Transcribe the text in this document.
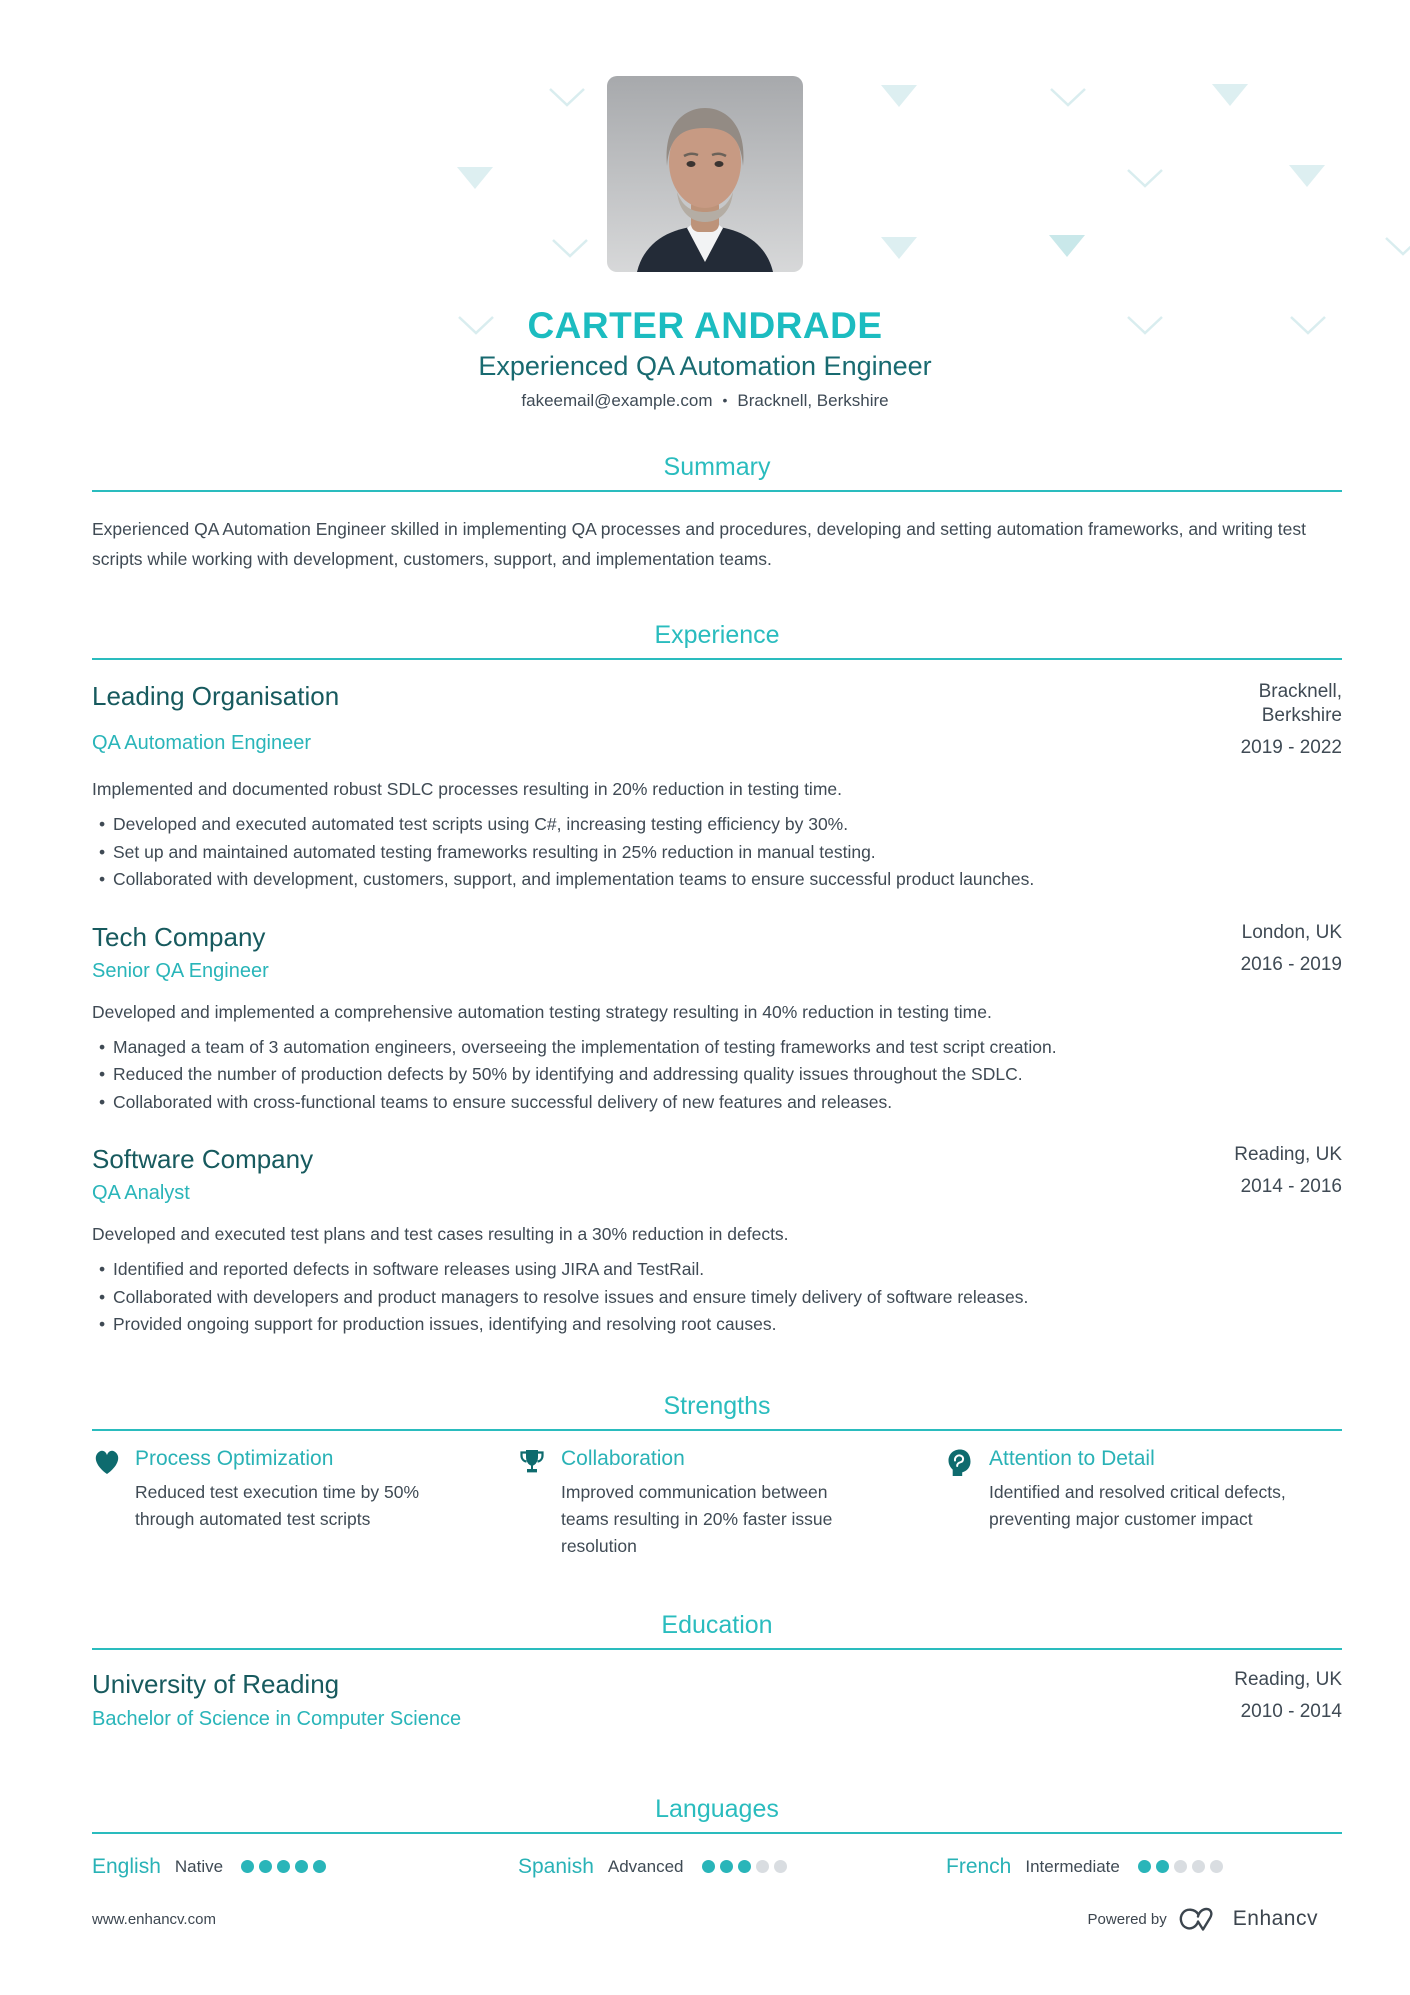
CARTER ANDRADE
Experienced QA Automation Engineer
fakeemail@example.com • Bracknell, Berkshire
Summary
Experienced QA Automation Engineer skilled in implementing QA processes and procedures, developing and setting automation frameworks, and writing test scripts while working with development, customers, support, and implementation teams.
Experience
Leading Organisation
QA Automation Engineer
Bracknell, Berkshire
2019 - 2022
Implemented and documented robust SDLC processes resulting in 20% reduction in testing time.
• Developed and executed automated test scripts using C#, increasing testing efficiency by 30%.
• Set up and maintained automated testing frameworks resulting in 25% reduction in manual testing.
• Collaborated with development, customers, support, and implementation teams to ensure successful product launches.
Tech Company
Senior QA Engineer
London, UK
2016 - 2019
Developed and implemented a comprehensive automation testing strategy resulting in 40% reduction in testing time.
• Managed a team of 3 automation engineers, overseeing the implementation of testing frameworks and test script creation.
• Reduced the number of production defects by 50% by identifying and addressing quality issues throughout the SDLC.
• Collaborated with cross-functional teams to ensure successful delivery of new features and releases.
Software Company
QA Analyst
Reading, UK
2014 - 2016
Developed and executed test plans and test cases resulting in a 30% reduction in defects.
• Identified and reported defects in software releases using JIRA and TestRail.
• Collaborated with developers and product managers to resolve issues and ensure timely delivery of software releases.
• Provided ongoing support for production issues, identifying and resolving root causes.
Strengths
Process Optimization
Reduced test execution time by 50% through automated test scripts
Collaboration
Improved communication between teams resulting in 20% faster issue resolution
Attention to Detail
Identified and resolved critical defects, preventing major customer impact
Education
University of Reading
Bachelor of Science in Computer Science
Reading, UK
2010 - 2014
Languages
English Native	Spanish Advanced	French Intermediate
www.enhancv.com	Powered by	Enhancv
